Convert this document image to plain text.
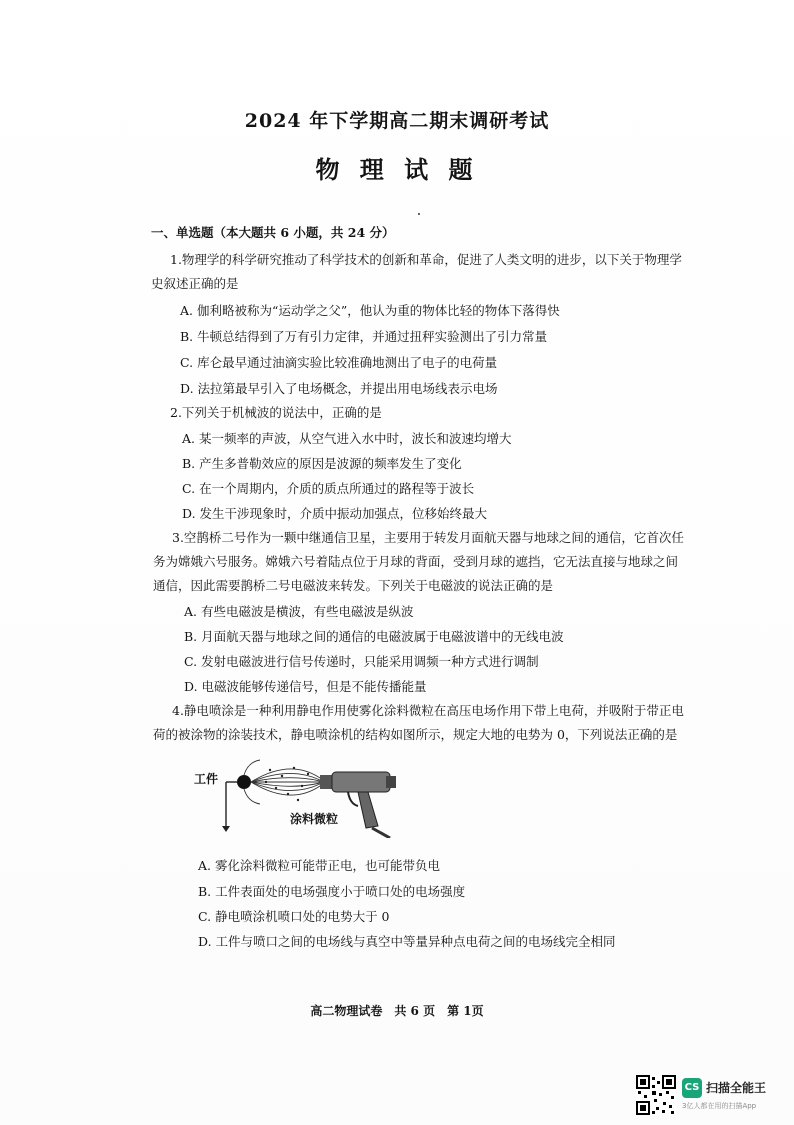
2024 年下学期高二期末调研考试
物 理 试 题
一、单选题（本大题共 6 小题，共 24 分）
1.物理学的科学研究推动了科学技术的创新和革命，促进了人类文明的进步，以下关于物理学
史叙述正确的是
A. 伽利略被称为“运动学之父”，他认为重的物体比轻的物体下落得快
B. 牛顿总结得到了万有引力定律，并通过扭秤实验测出了引力常量
C. 库仑最早通过油滴实验比较准确地测出了电子的电荷量
D. 法拉第最早引入了电场概念，并提出用电场线表示电场
2.下列关于机械波的说法中，正确的是
A. 某一频率的声波，从空气进入水中时，波长和波速均增大
B. 产生多普勒效应的原因是波源的频率发生了变化
C. 在一个周期内，介质的质点所通过的路程等于波长
D. 发生干涉现象时，介质中振动加强点，位移始终最大
3.空鹊桥二号作为一颗中继通信卫星，主要用于转发月面航天器与地球之间的通信，它首次任
务为嫦娥六号服务。嫦娥六号着陆点位于月球的背面，受到月球的遮挡，它无法直接与地球之间
通信，因此需要鹊桥二号电磁波来转发。下列关于电磁波的说法正确的是
A. 有些电磁波是横波，有些电磁波是纵波
B. 月面航天器与地球之间的通信的电磁波属于电磁波谱中的无线电波
C. 发射电磁波进行信号传递时，只能采用调频一种方式进行调制
D. 电磁波能够传递信号，但是不能传播能量
4.静电喷涂是一种利用静电作用使雾化涂料微粒在高压电场作用下带上电荷，并吸附于带正电
荷的被涂物的涂装技术，静电喷涂机的结构如图所示，规定大地的电势为 0，下列说法正确的是
工件
涂料微粒
A. 雾化涂料微粒可能带正电，也可能带负电
B. 工件表面处的电场强度小于喷口处的电场强度
C. 静电喷涂机喷口处的电势大于 0
D. 工件与喷口之间的电场线与真空中等量异种点电荷之间的电场线完全相同
高二物理试卷　共 6 页　第 1页
CS 扫描全能王
3亿人都在用的扫描App
